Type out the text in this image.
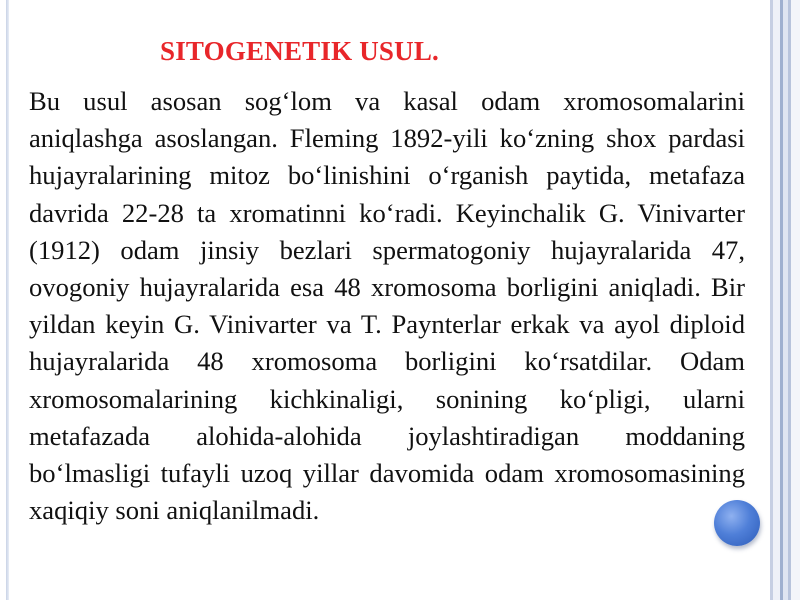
SITOGENETIK USUL.

Bu usul asosan sog‘lom va kasal odam xromosomalarini aniqlashga asoslangan. Fleming 1892-yili ko‘zning shox pardasi hujayralarining mitoz bo‘linishini o‘rganish paytida, metafaza davrida 22-28 ta xromatinni ko‘radi. Keyinchalik G. Vinivarter (1912) odam jinsiy bezlari spermatogoniy hujayralarida 47, ovogoniy hujayralarida esa 48 xromosoma borligini aniqladi. Bir yildan keyin G. Vinivarter va T. Paynterlar erkak va ayol diploid hujayralarida 48 xromosoma borligini ko‘rsatdilar. Odam xromosomalarining kichkinaligi, sonining ko‘pligi, ularni metafazada alohida-alohida joylashtiradigan moddaning bo‘lmasligi tufayli uzoq yillar davomida odam xromosomasining xaqiqiy soni aniqlanilmadi.
